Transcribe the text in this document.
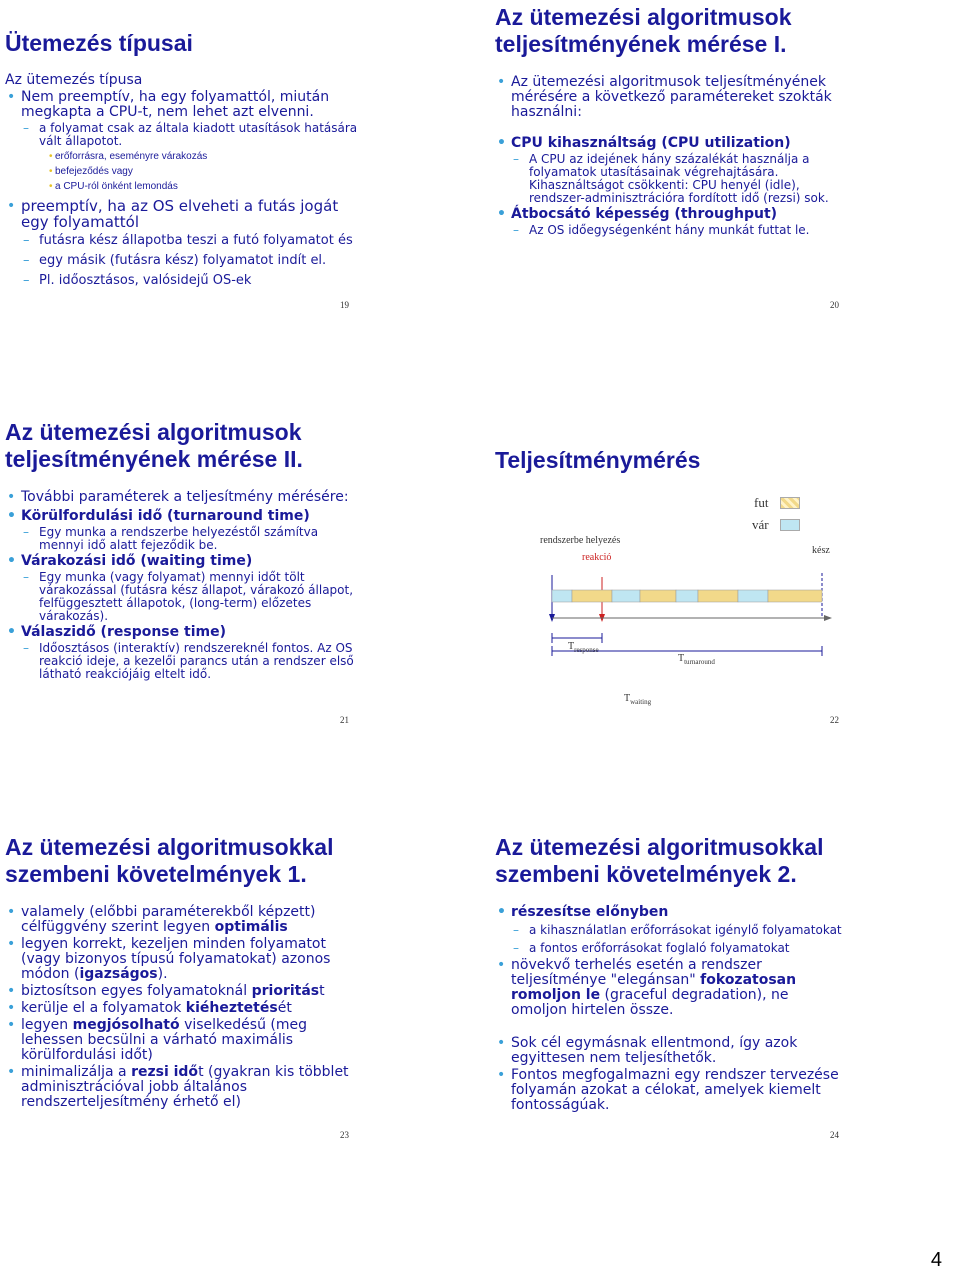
Ütemezés típusai
Az ütemezés típusa
• Nem preemptív, ha egy folyamattól, miután megkapta a CPU-t, nem lehet azt elvenni.
– a folyamat csak az általa kiadott utasítások hatására vált állapotot.
• erőforrásra, eseményre várakozás
• befejeződés vagy
• a CPU-ról önként lemondás
• preemptív, ha az OS elveheti a futás jogát egy folyamattól
– futásra kész állapotba teszi a futó folyamatot és
– egy másik (futásra kész) folyamatot indít el.
– Pl. időosztásos, valósidejű OS-ek
19
Az ütemezési algoritmusok teljesítményének mérése I.
• Az ütemezési algoritmusok teljesítményének mérésére a következő paramétereket szokták használni:
• CPU kihasználtság (CPU utilization)
– A CPU az idejének hány százalékát használja a folyamatok utasításainak végrehajtására. Kihasználtságot csökkenti: CPU henyél (idle), rendszer-adminisztrációra fordított idő (rezsi) sok.
• Átbocsátó képesség (throughput)
– Az OS időegységenként hány munkát futtat le.
20
Az ütemezési algoritmusok teljesítményének mérése II.
• További paraméterek a teljesítmény mérésére:
• Körülfordulási idő (turnaround time)
– Egy munka a rendszerbe helyezéstől számítva mennyi idő alatt fejeződik be.
• Várakozási idő (waiting time)
– Egy munka (vagy folyamat) mennyi időt tölt várakozással (futásra kész állapot, várakozó állapot, felfüggesztett állapotok, (long-term) előzetes várakozás).
• Válaszidő (response time)
– Időosztásos (interaktív) rendszereknél fontos. Az OS reakció ideje, a kezelői parancs után a rendszer első látható reakciójáig eltelt idő.
21
Teljesítménymérés
fut
vár
rendszerbe helyezés
reakció
kész
$T_{response}$
$T_{turnaround}$
$T_{waiting}$
22
Az ütemezési algoritmusokkal szembeni követelmények 1.
• valamely (előbbi paraméterekből képzett) célfüggvény szerint legyen optimális
• legyen korrekt, kezeljen minden folyamatot (vagy bizonyos típusú folyamatokat) azonos módon (igazságos).
• biztosítson egyes folyamatoknál prioritást
• kerülje el a folyamatok kiéheztetését
• legyen megjósolható viselkedésű (meg lehessen becsülni a várható maximális körülfordulási időt)
• minimalizálja a rezsi időt (gyakran kis többlet adminisztrációval jobb általános rendszerteljesítmény érhető el)
23
Az ütemezési algoritmusokkal szembeni követelmények 2.
• részesítse előnyben
– a kihasználatlan erőforrásokat igénylő folyamatokat
– a fontos erőforrásokat foglaló folyamatokat
• növekvő terhelés esetén a rendszer teljesítménye "elegánsan" fokozatosan romoljon le (graceful degradation), ne omoljon hirtelen össze.
• Sok cél egymásnak ellentmond, így azok egyittesen nem teljesíthetők.
• Fontos megfogalmazni egy rendszer tervezése folyamán azokat a célokat, amelyek kiemelt fontosságúak.
24
4
